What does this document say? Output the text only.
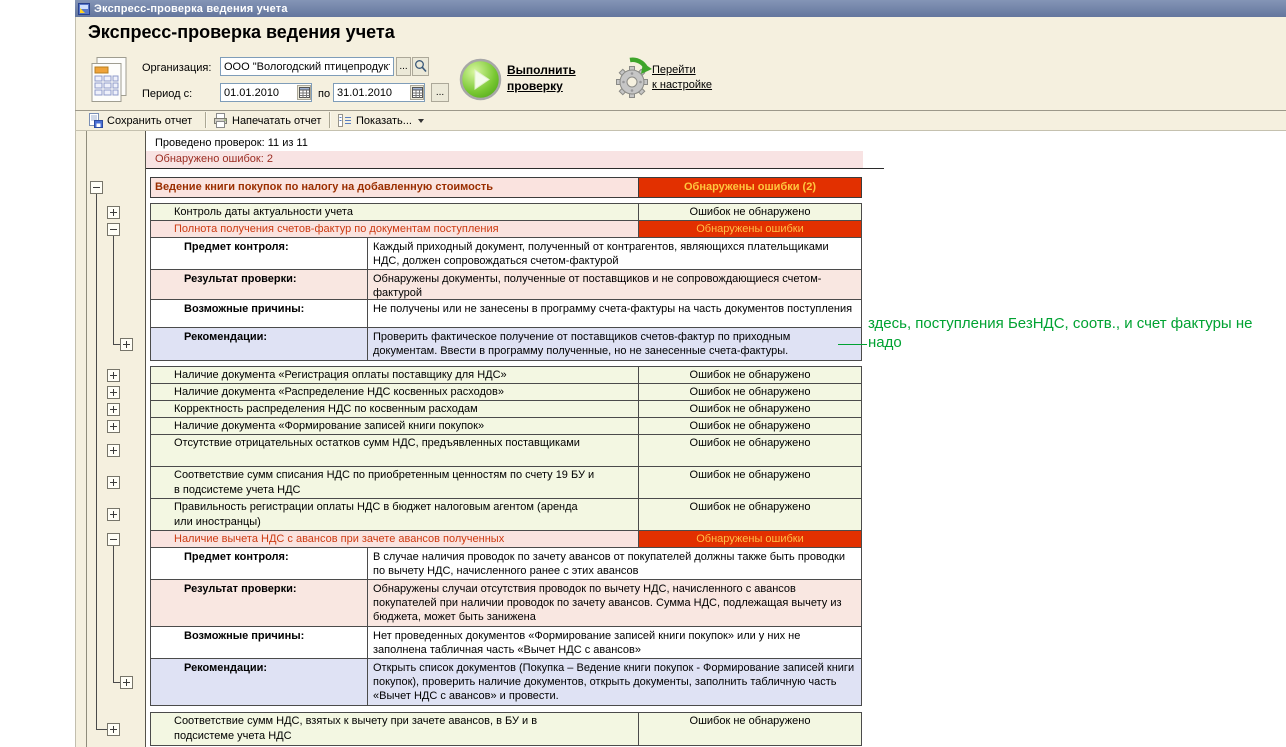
Экспресс-проверка ведения учета
Экспресс-проверка ведения учета
Организация:
ООО "Вологодский птицепродукт"	...
Период с:
01.01.2010	по
31.01.2010	...
Выполнить
проверку
Перейти
к настройке
Сохранить отчет	Напечатать отчет	Показать...
Проведено проверок: 11 из 11
Обнаружено ошибок: 2
Ведение книги покупок по налогу на добавленную стоимость	Обнаружены ошибки (2)
Контроль даты актуальности учета	Ошибок не обнаружено
Полнота получения счетов-фактур по документам поступления	Обнаружены ошибки
Предмет контроля:	Каждый приходный документ, полученный от контрагентов, являющихся плательщиками НДС, должен сопровождаться счетом-фактурой
Результат проверки:	Обнаружены документы, полученные от поставщиков и не сопровождающиеся счетом-фактурой
Возможные причины:	Не получены или не занесены в программу счета-фактуры на часть документов поступления
Рекомендации:	Проверить фактическое получение от поставщиков счетов-фактур по приходным документам. Ввести в программу полученные, но не занесенные счета-фактуры.
Наличие документа «Регистрация оплаты поставщику для НДС»	Ошибок не обнаружено
Наличие документа «Распределение НДС косвенных расходов»	Ошибок не обнаружено
Корректность распределения НДС по косвенным расходам	Ошибок не обнаружено
Наличие документа «Формирование записей книги покупок»	Ошибок не обнаружено
Отсутствие отрицательных остатков сумм НДС, предъявленных поставщиками	Ошибок не обнаружено
Соответствие сумм списания НДС по приобретенным ценностям по счету 19 БУ и в подсистеме учета НДС
Ошибок не обнаружено
Правильность регистрации оплаты НДС в бюджет налоговым агентом (аренда или иностранцы)
Ошибок не обнаружено
Наличие вычета НДС с авансов при зачете авансов полученных	Обнаружены ошибки
Предмет контроля:	В случае наличия проводок по зачету авансов от покупателей должны также быть проводки по вычету НДС, начисленного ранее с этих авансов
Результат проверки:	Обнаружены случаи отсутствия проводок по вычету НДС, начисленного с авансов покупателей при наличии проводок по зачету авансов. Сумма НДС, подлежащая вычету из бюджета, может быть занижена
Возможные причины:	Нет проведенных документов «Формирование записей книги покупок» или у них не заполнена табличная часть «Вычет НДС с авансов»
Рекомендации:	Открыть список документов (Покупка – Ведение книги покупок - Формирование записей книги покупок), проверить наличие документов, открыть документы, заполнить табличную часть «Вычет НДС с авансов» и провести.
Соответствие сумм НДС, взятых к вычету при зачете авансов, в БУ и в подсистеме учета НДС
Ошибок не обнаружено
здесь, поступления БезНДС, соотв., и счет фактуры не надо
